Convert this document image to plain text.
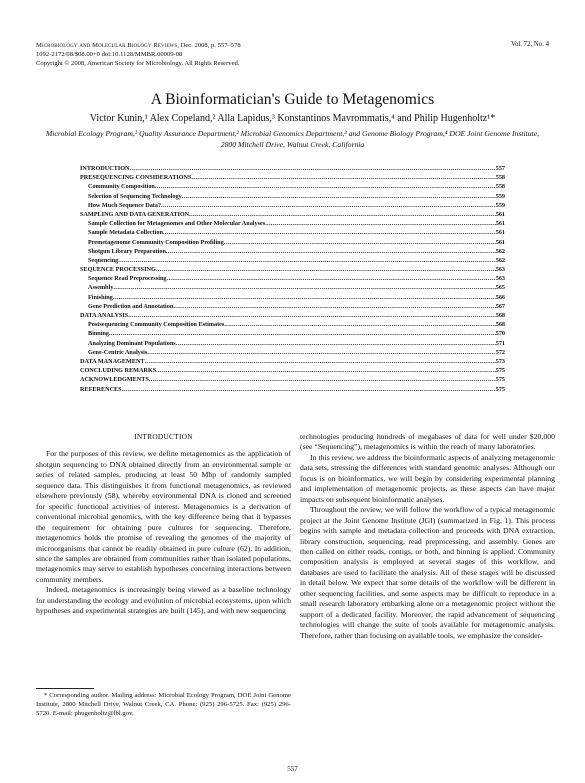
Microbiology and Molecular Biology Reviews, Dec. 2008, p. 557–578
1092-2172/08/$08.00+0 doi:10.1128/MMBR.00009-08
Copyright © 2008, American Society for Microbiology. All Rights Reserved.
Vol. 72, No. 4
A Bioinformatician's Guide to Metagenomics
Victor Kunin,¹ Alex Copeland,² Alla Lapidus,³ Konstantinos Mavrommatis,⁴ and Philip Hugenholtz¹*
Microbial Ecology Program,¹ Quality Assurance Department,² Microbial Genomics Department,³ and Genome Biology Program,⁴ DOE Joint Genome Institute, 2800 Mitchell Drive, Walnut Creek, California
INTRODUCTION .....	557
PRESEQUENCING CONSIDERATIONS .....	558
Community Composition .....	558
Selection of Sequencing Technology .....	559
How Much Sequence Data? .....	559
SAMPLING AND DATA GENERATION .....	561
Sample Collection for Metagenomes and Other Molecular Analyses .....	561
Sample Metadata Collection .....	561
Premetagenome Community Composition Profiling .....	561
Shotgun Library Preparation .....	562
Sequencing .....	562
SEQUENCE PROCESSING .....	563
Sequence Read Preprocessing .....	563
Assembly .....	565
Finishing .....	566
Gene Prediction and Annotation .....	567
DATA ANALYSIS .....	568
Postsequencing Community Composition Estimates .....	568
Binning .....	570
Analyzing Dominant Populations .....	571
Gene-Centric Analysis .....	572
DATA MANAGEMENT .....	573
CONCLUDING REMARKS .....	575
ACKNOWLEDGMENTS .....	575
REFERENCES .....	575
INTRODUCTION

For the purposes of this review, we define metagenomics as the application of shotgun sequencing to DNA obtained directly from an environmental sample or series of related samples, producing at least 50 Mbp of randomly sampled sequence data. This distinguishes it from functional metagenomics, as reviewed elsewhere previously (58), whereby environmental DNA is cloned and screened for specific functional activities of interest. Metagenomics is a derivation of conventional microbial genomics, with the key difference being that it bypasses the requirement for obtaining pure cultures for sequencing. Therefore, metagenomics holds the promise of revealing the genomes of the majority of microorganisms that cannot be readily obtained in pure culture (62). In addition, since the samples are obtained from communities rather than isolated populations, metagenomics may serve to establish hypotheses concerning interactions between community members.

Indeed, metagenomics is increasingly being viewed as a baseline technology for understanding the ecology and evolution of microbial ecosystems, upon which hypotheses and experimental strategies are built (145), and with new sequencing

technologies producing hundreds of megabases of data for well under $20,000 (see “Sequencing”), metagenomics is within the reach of many laboratories.

In this review, we address the bioinformatic aspects of analyzing metagenomic data sets, stressing the differences with standard genomic analyses. Although our focus is on bioinformatics, we will begin by considering experimental planning and implementation of metagenomic projects, as these aspects can have major impacts on subsequent bioinformatic analyses.

Throughout the review, we will follow the workflow of a typical metagenomic project at the Joint Genome Institute (JGI) (summarized in Fig. 1). This process begins with sample and metadata collection and proceeds with DNA extraction, library construction, sequencing, read preprocessing, and assembly. Genes are then called on either reads, contigs, or both, and binning is applied. Community composition analysis is employed at several stages of this workflow, and databases are used to facilitate the analysis. All of these stages will be discussed in detail below. We expect that some details of the workflow will be different in other sequencing facilities, and some aspects may be difficult to reproduce in a small research laboratory embarking alone on a metagenomic project without the support of a dedicated facility. Moreover, the rapid advancement of sequencing technologies will change the suite of tools available for metagenomic analysis. Therefore, rather than focusing on available tools, we emphasize the consider-

* Corresponding author. Mailing address: Microbial Ecology Program, DOE Joint Genome Institute, 2800 Mitchell Drive, Walnut Creek, CA. Phone: (925) 296-5725. Fax: (925) 296-5720. E-mail: phugenholtz@lbl.gov.
557
